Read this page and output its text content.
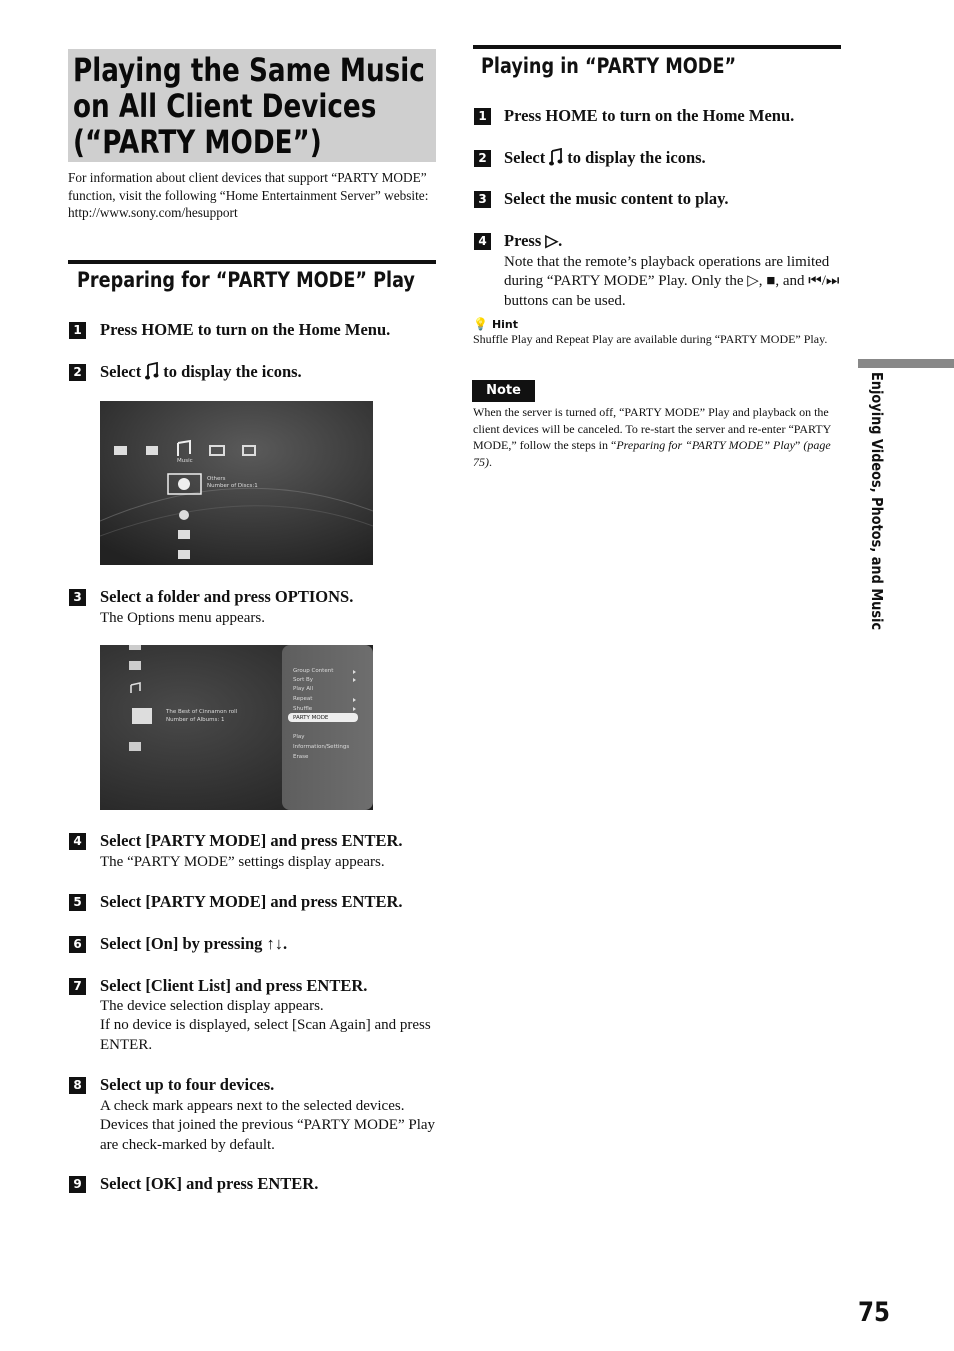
Playing the Same Music on All Client Devices (“PARTY MODE”)
For information about client devices that support “PARTY MODE” function, visit the following “Home Entertainment Server” website:
http://www.sony.com/hesupport
Preparing for “PARTY MODE” Play
1 Press HOME to turn on the Home Menu.
2 Select to display the icons.
Music
Others
Number of Discs:1
3 Select a folder and press OPTIONS.
The Options menu appears.
The Best of Cinnamon roll
Number of Albums: 1
Group Content
Sort By
Play All
Repeat
Shuffle
PARTY MODE
Play
Information/Settings
Erase
4 Select [PARTY MODE] and press ENTER.
The “PARTY MODE” settings display appears.
5 Select [PARTY MODE] and press ENTER.
6 Select [On] by pressing ↑↓.
7 Select [Client List] and press ENTER.
The device selection display appears.
If no device is displayed, select [Scan Again] and press ENTER.
8 Select up to four devices.
A check mark appears next to the selected devices. Devices that joined the previous “PARTY MODE” Play are check-marked by default.
9 Select [OK] and press ENTER.
Playing in “PARTY MODE”
1 Press HOME to turn on the Home Menu.
2 Select to display the icons.
3 Select the music content to play.
4 Press ▷.
Note that the remote’s playback operations are limited during “PARTY MODE” Play. Only the ▷, ■, and ⏮/⏭ buttons can be used.
💡 Hint
Shuffle Play and Repeat Play are available during “PARTY MODE” Play.
Note
When the server is turned off, “PARTY MODE” Play and playback on the client devices will be canceled. To re-start the server and re-enter “PARTY MODE,” follow the steps in “Preparing for “PARTY MODE” Play” (page 75).	Enjoying Videos, Photos, and Music
75
